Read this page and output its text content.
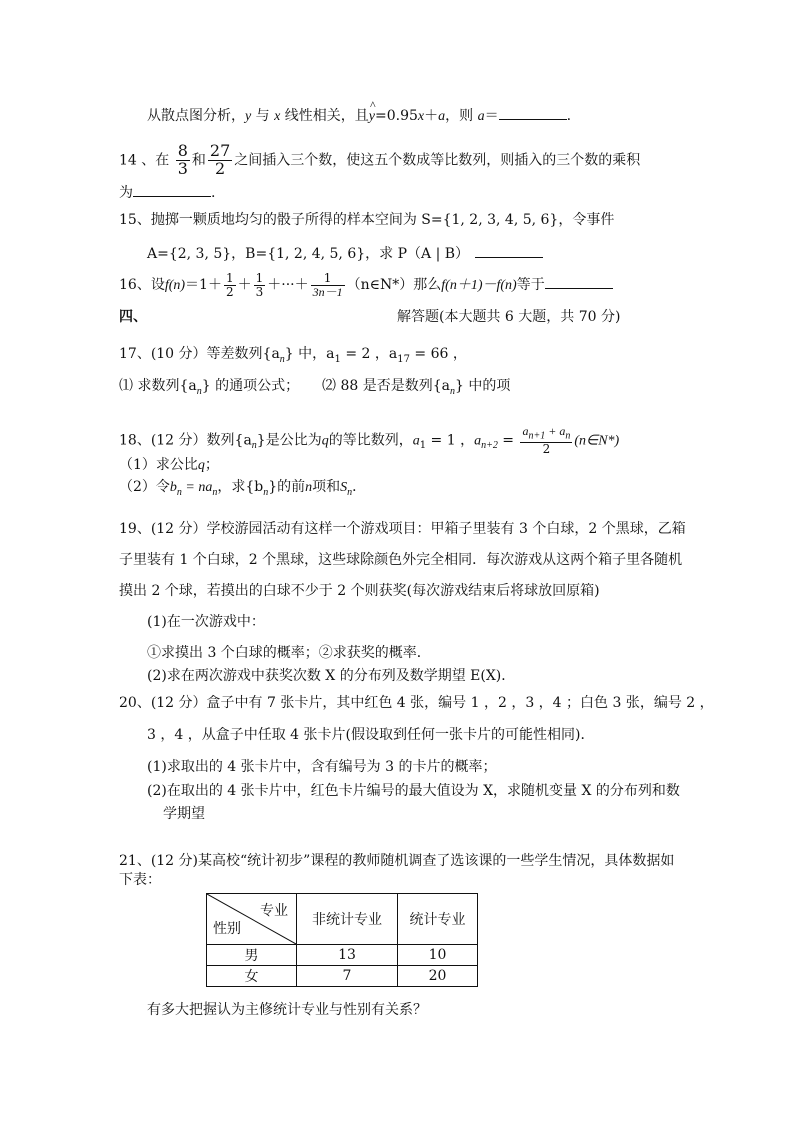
从散点图分析，y 与 x 线性相关，且^ y=0.95x＋a，则 a＝	.
14 、在 $\frac{8}{3}$ 和 $\frac{27}{2}$ 之间插入三个数，使这五个数成等比数列，则插入的三个数的乘积
为	.
15、抛掷一颗质地均匀的骰子所得的样本空间为 S={1, 2, 3, 4, 5, 6}，令事件
A={2, 3, 5}，B={1, 2, 4, 5, 6}，求 P（A | B）
16、设$f(n)=1+ \frac{1}{2} + \frac{1}{3}$ ＋···＋ $\frac{1}{3n-1}$ （n∈N*）那么f(n＋1)－f(n)等于
四、	解答题(本大题共 6 大题，共 70 分)
17、(10 分）等差数列$\{a_n\}$ 中，$a_1 = 2$ ，$a_{17} = 66$ ，
⑴ 求数列$\{a_n\}$ 的通项公式； ⑵ 88 是否是数列$\{a_n\}$ 中的项
18、(12 分）数列$\{a_n\}$是公比为q的等比数列，$a_1 = 1$ ，$a_{n+2} = \frac{a_{n+1} + a_n}{2}$ (n∈N*)
（1）求公比q；
（2）令$b_n = na_n$，求$\{b_n\}$的前n项和$S_n$．
19、(12 分）学校游园活动有这样一个游戏项目：甲箱子里装有 3 个白球，2 个黑球，乙箱
子里装有 1 个白球，2 个黑球，这些球除颜色外完全相同．每次游戏从这两个箱子里各随机
摸出 2 个球，若摸出的白球不少于 2 个则获奖(每次游戏结束后将球放回原箱)
(1)在一次游戏中：
①求摸出 3 个白球的概率；②求获奖的概率．
(2)求在两次游戏中获奖次数 X 的分布列及数学期望 E(X)．
20、(12 分）盒子中有 7 张卡片，其中红色 4 张，编号 1 ，2 ，3 ，4 ；白色 3 张，编号 2 ，
3 ，4 ，从盒子中任取 4 张卡片(假设取到任何一张卡片的可能性相同)．
(1)求取出的 4 张卡片中，含有编号为 3 的卡片的概率；
(2)在取出的 4 张卡片中，红色卡片编号的最大值设为 X，求随机变量 X 的分布列和数
学期望
21、(12 分)某高校“统计初步”课程的教师随机调查了选该课的一些学生情况，具体数据如
下表：
专业
性别	非统计专业	统计专业
男	13	10
女	7	20
有多大把握认为主修统计专业与性别有关系？
